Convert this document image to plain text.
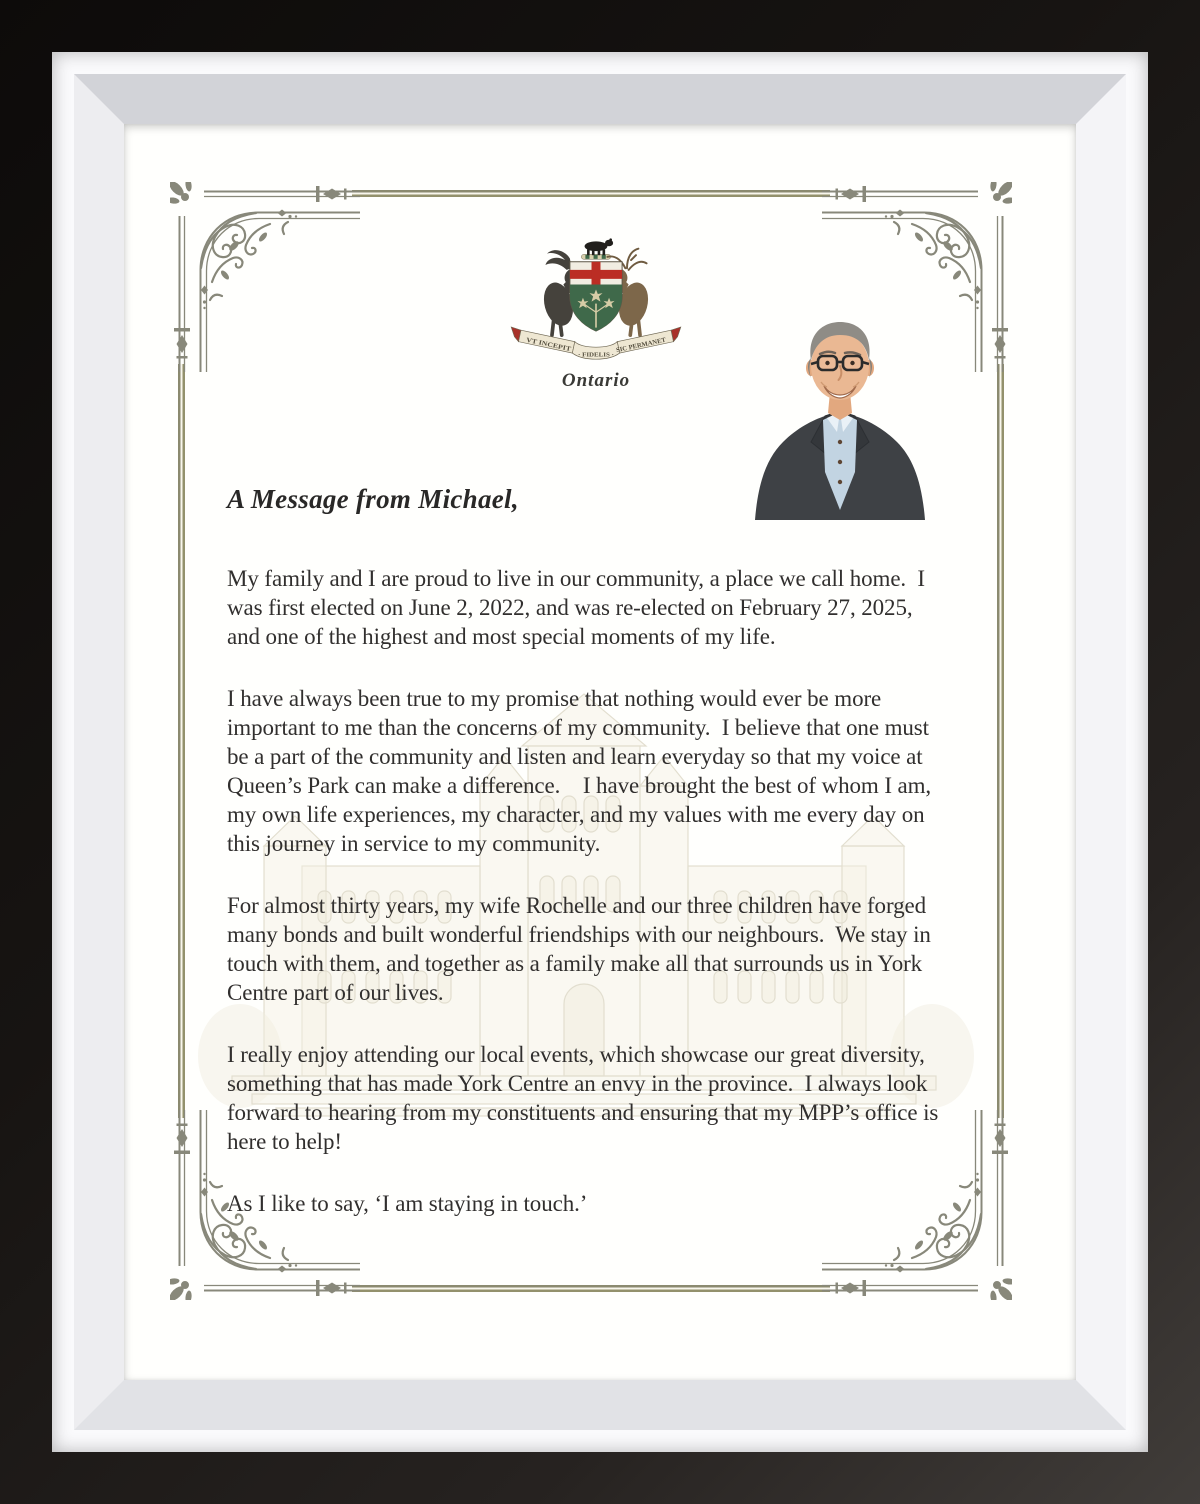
VT INCEPIT
· FIDELIS ·
SIC PERMANET
Ontario
A Message from Michael,

My family and I are proud to live in our community, a place we call home.  I was first elected on June 2, 2022, and was re-elected on February 27, 2025, and one of the highest and most special moments of my life.

I have always been true to my promise that nothing would ever be more important to me than the concerns of my community.  I believe that one must be a part of the community and listen and learn everyday so that my voice at Queen’s Park can make a difference.    I have brought the best of whom I am, my own life experiences, my character, and my values with me every day on this journey in service to my community.

For almost thirty years, my wife Rochelle and our three children have forged many bonds and built wonderful friendships with our neighbours.  We stay in touch with them, and together as a family make all that surrounds us in York Centre part of our lives.

I really enjoy attending our local events, which showcase our great diversity, something that has made York Centre an envy in the province.  I always look forward to hearing from my constituents and ensuring that my MPP’s office is here to help!

As I like to say, ‘I am staying in touch.’
